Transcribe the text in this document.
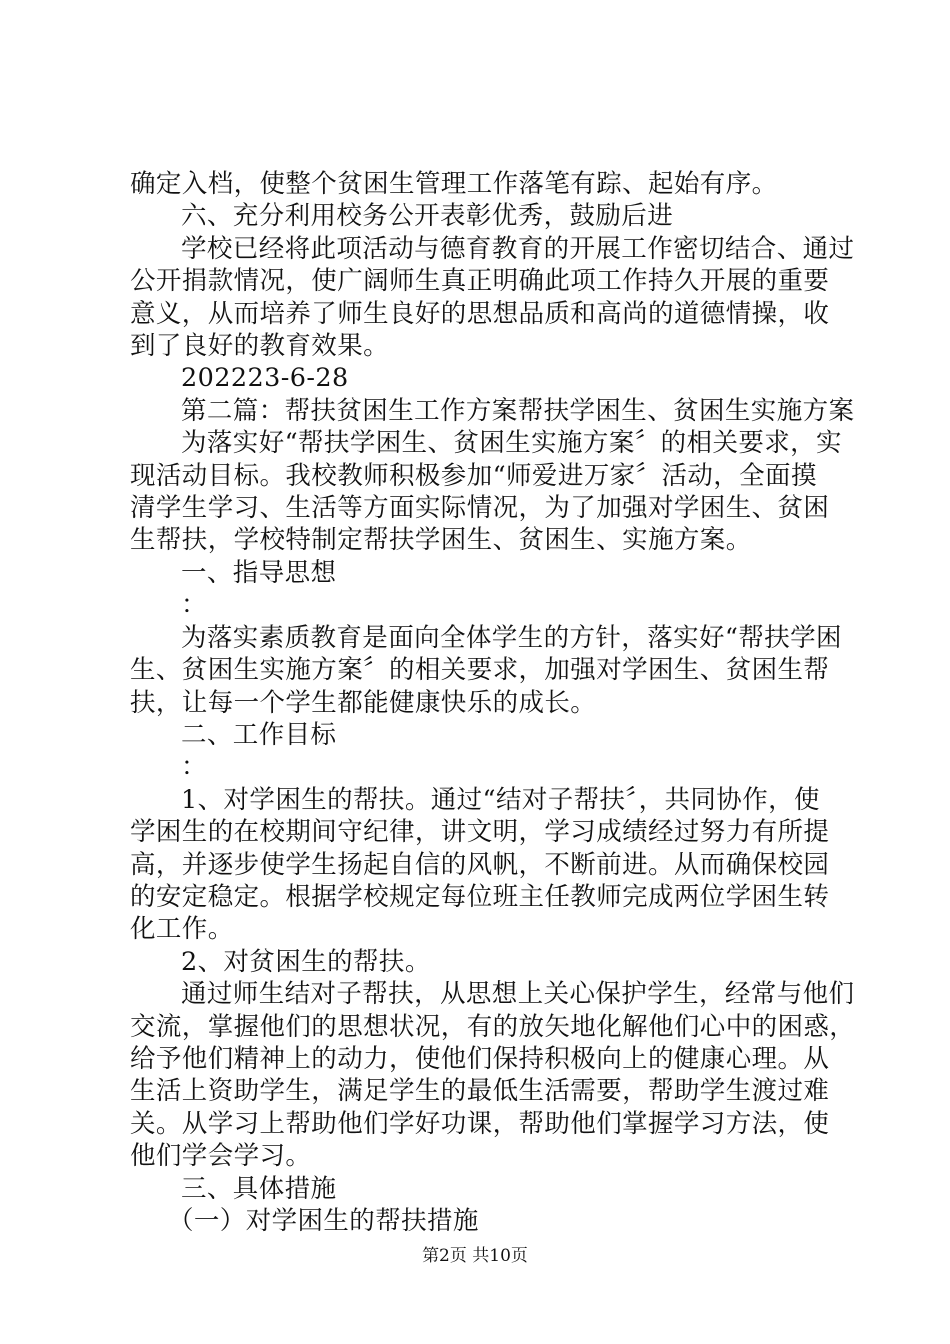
确定入档，使整个贫困生管理工作落笔有踪、起始有序。

六、充分利用校务公开表彰优秀，鼓励后进

学校已经将此项活动与德育教育的开展工作密切结合、通过

公开捐款情况，使广阔师生真正明确此项工作持久开展的重要

意义，从而培养了师生良好的思想品质和高尚的道德情操，收

到了良好的教育效果。

202223-6-28

第二篇：帮扶贫困生工作方案帮扶学困生、贫困生实施方案

为落实好“帮扶学困生、贫困生实施方案〞的相关要求，实

现活动目标。我校教师积极参加“师爱进万家〞活动，全面摸

清学生学习、生活等方面实际情况，为了加强对学困生、贫困

生帮扶，学校特制定帮扶学困生、贫困生、实施方案。

一、指导思想

：

为落实素质教育是面向全体学生的方针，落实好“帮扶学困

生、贫困生实施方案〞的相关要求，加强对学困生、贫困生帮

扶，让每一个学生都能健康快乐的成长。

二、工作目标

：

1、对学困生的帮扶。通过“结对子帮扶〞，共同协作，使

学困生的在校期间守纪律，讲文明，学习成绩经过努力有所提

高，并逐步使学生扬起自信的风帆，不断前进。从而确保校园

的安定稳定。根据学校规定每位班主任教师完成两位学困生转

化工作。

2、对贫困生的帮扶。

通过师生结对子帮扶，从思想上关心保护学生，经常与他们

交流，掌握他们的思想状况，有的放矢地化解他们心中的困惑，

给予他们精神上的动力，使他们保持积极向上的健康心理。从

生活上资助学生，满足学生的最低生活需要，帮助学生渡过难

关。从学习上帮助他们学好功课，帮助他们掌握学习方法，使

他们学会学习。

三、具体措施

（一）对学困生的帮扶措施

第2页 共10页
